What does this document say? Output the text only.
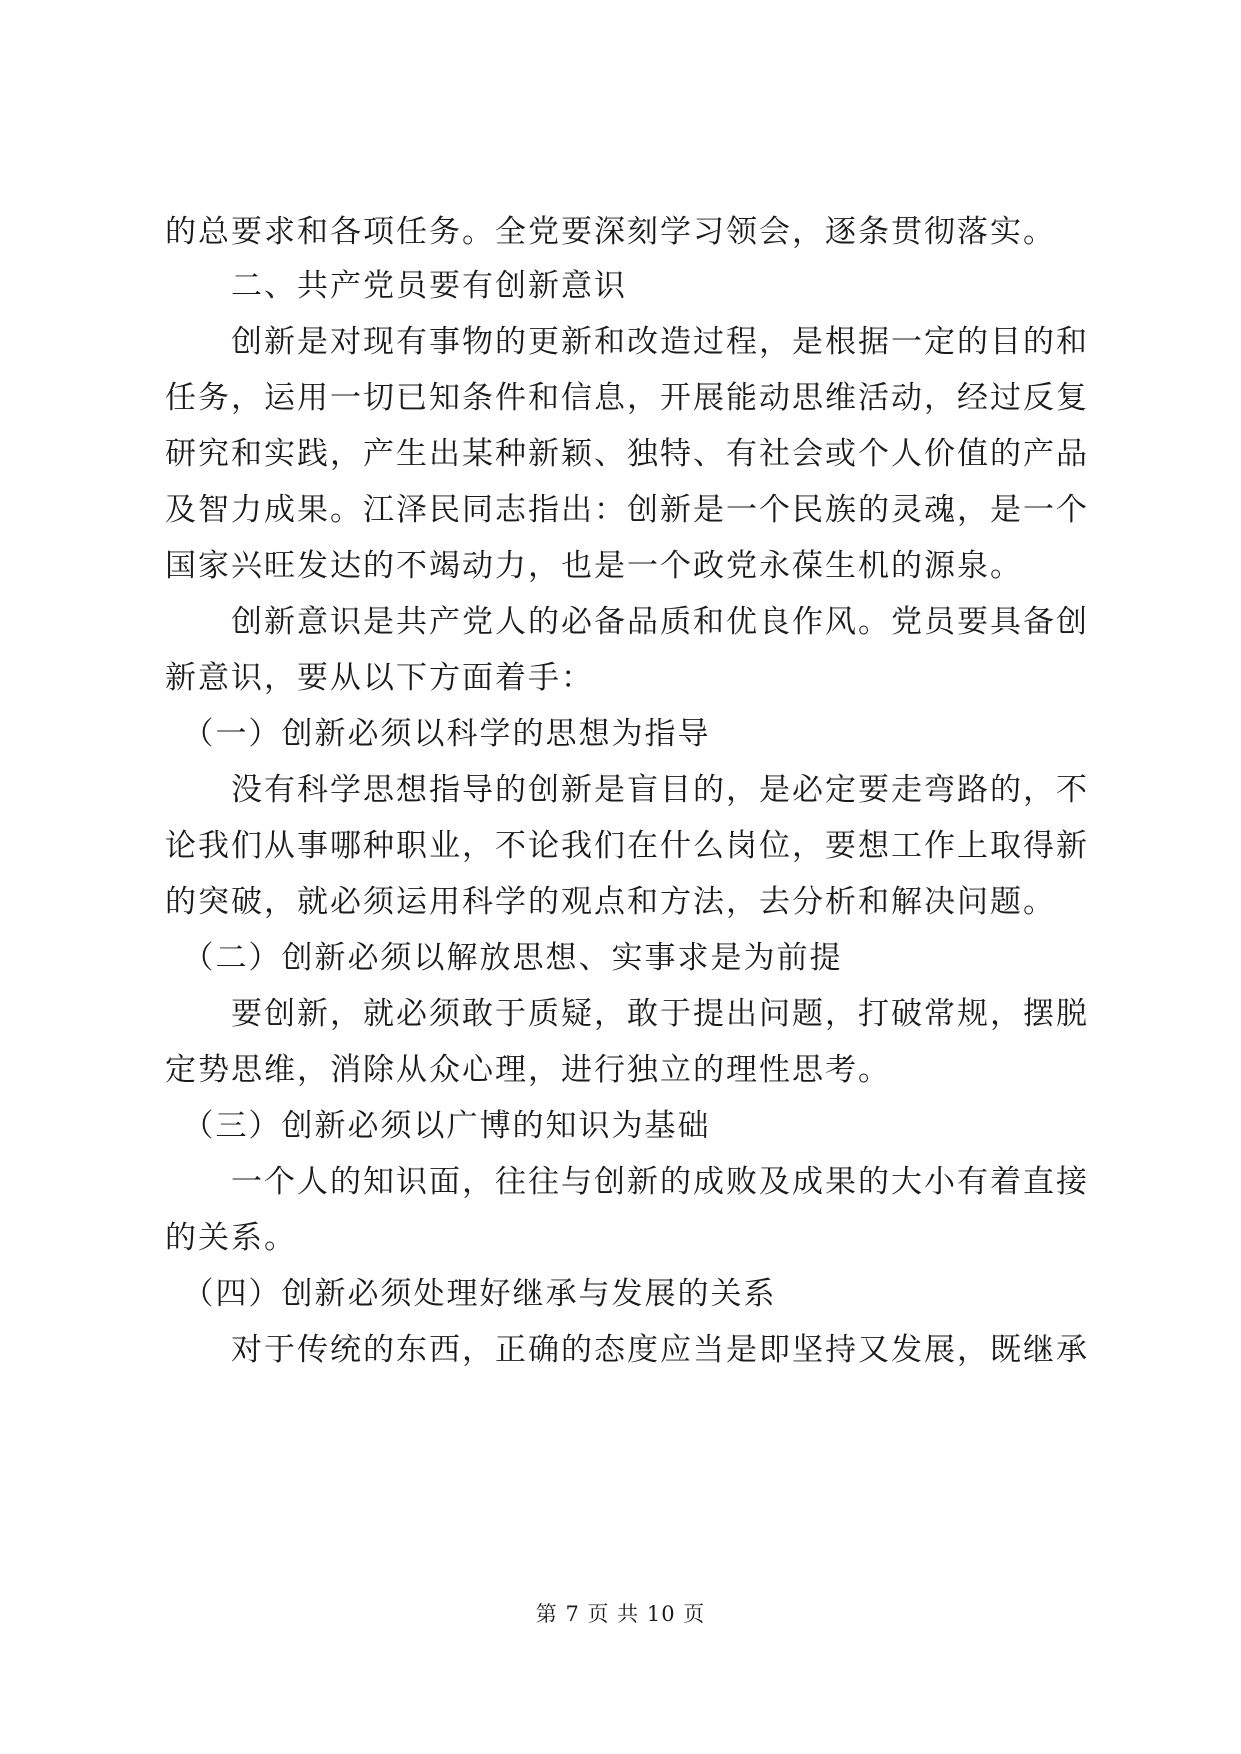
的总要求和各项任务。全党要深刻学习领会，逐条贯彻落实。
　　二、共产党员要有创新意识
　　创新是对现有事物的更新和改造过程，是根据一定的目的和
任务，运用一切已知条件和信息，开展能动思维活动，经过反复
研究和实践，产生出某种新颖、独特、有社会或个人价值的产品
及智力成果。江泽民同志指出：创新是一个民族的灵魂，是一个
国家兴旺发达的不竭动力，也是一个政党永葆生机的源泉。
　　创新意识是共产党人的必备品质和优良作风。党员要具备创
新意识，要从以下方面着手：
　（一）创新必须以科学的思想为指导
　　没有科学思想指导的创新是盲目的，是必定要走弯路的，不
论我们从事哪种职业，不论我们在什么岗位，要想工作上取得新
的突破，就必须运用科学的观点和方法，去分析和解决问题。
　（二）创新必须以解放思想、实事求是为前提
　　要创新，就必须敢于质疑，敢于提出问题，打破常规，摆脱
定势思维，消除从众心理，进行独立的理性思考。
　（三）创新必须以广博的知识为基础
　　一个人的知识面，往往与创新的成败及成果的大小有着直接
的关系。
　（四）创新必须处理好继承与发展的关系
　　对于传统的东西，正确的态度应当是即坚持又发展，既继承
第 7 页 共 10 页
